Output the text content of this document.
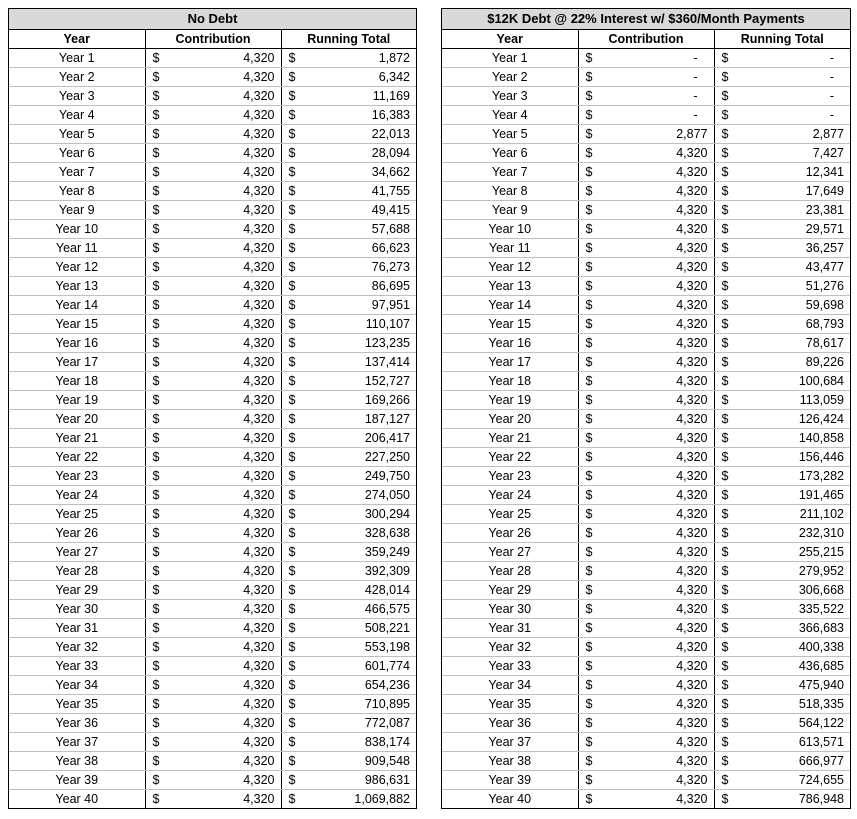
No Debt
Year	Contribution	Running Total
Year 1	$ 4,320	$ 1,872

Year 2	$ 4,320	$ 6,342

Year 3	$ 4,320	$ 11,169

Year 4	$ 4,320	$ 16,383

Year 5	$ 4,320	$ 22,013

Year 6	$ 4,320	$ 28,094

Year 7	$ 4,320	$ 34,662

Year 8	$ 4,320	$ 41,755

Year 9	$ 4,320	$ 49,415

Year 10	$ 4,320	$ 57,688

Year 11	$ 4,320	$ 66,623

Year 12	$ 4,320	$ 76,273

Year 13	$ 4,320	$ 86,695

Year 14	$ 4,320	$ 97,951

Year 15	$ 4,320	$ 110,107

Year 16	$ 4,320	$ 123,235

Year 17	$ 4,320	$ 137,414

Year 18	$ 4,320	$ 152,727

Year 19	$ 4,320	$ 169,266

Year 20	$ 4,320	$ 187,127

Year 21	$ 4,320	$ 206,417

Year 22	$ 4,320	$ 227,250

Year 23	$ 4,320	$ 249,750

Year 24	$ 4,320	$ 274,050

Year 25	$ 4,320	$ 300,294

Year 26	$ 4,320	$ 328,638

Year 27	$ 4,320	$ 359,249

Year 28	$ 4,320	$ 392,309

Year 29	$ 4,320	$ 428,014

Year 30	$ 4,320	$ 466,575

Year 31	$ 4,320	$ 508,221

Year 32	$ 4,320	$ 553,198

Year 33	$ 4,320	$ 601,774

Year 34	$ 4,320	$ 654,236

Year 35	$ 4,320	$ 710,895

Year 36	$ 4,320	$ 772,087

Year 37	$ 4,320	$ 838,174

Year 38	$ 4,320	$ 909,548

Year 39	$ 4,320	$ 986,631

Year 40	$ 4,320	$ 1,069,882
$12K Debt @ 22% Interest w/ $360/Month Payments
Year	Contribution	Running Total
Year 1	$ -	$ -

Year 2	$ -	$ -

Year 3	$ -	$ -

Year 4	$ -	$ -

Year 5	$ 2,877	$ 2,877

Year 6	$ 4,320	$ 7,427

Year 7	$ 4,320	$ 12,341

Year 8	$ 4,320	$ 17,649

Year 9	$ 4,320	$ 23,381

Year 10	$ 4,320	$ 29,571

Year 11	$ 4,320	$ 36,257

Year 12	$ 4,320	$ 43,477

Year 13	$ 4,320	$ 51,276

Year 14	$ 4,320	$ 59,698

Year 15	$ 4,320	$ 68,793

Year 16	$ 4,320	$ 78,617

Year 17	$ 4,320	$ 89,226

Year 18	$ 4,320	$ 100,684

Year 19	$ 4,320	$ 113,059

Year 20	$ 4,320	$ 126,424

Year 21	$ 4,320	$ 140,858

Year 22	$ 4,320	$ 156,446

Year 23	$ 4,320	$ 173,282

Year 24	$ 4,320	$ 191,465

Year 25	$ 4,320	$ 211,102

Year 26	$ 4,320	$ 232,310

Year 27	$ 4,320	$ 255,215

Year 28	$ 4,320	$ 279,952

Year 29	$ 4,320	$ 306,668

Year 30	$ 4,320	$ 335,522

Year 31	$ 4,320	$ 366,683

Year 32	$ 4,320	$ 400,338

Year 33	$ 4,320	$ 436,685

Year 34	$ 4,320	$ 475,940

Year 35	$ 4,320	$ 518,335

Year 36	$ 4,320	$ 564,122

Year 37	$ 4,320	$ 613,571

Year 38	$ 4,320	$ 666,977

Year 39	$ 4,320	$ 724,655

Year 40	$ 4,320	$ 786,948
